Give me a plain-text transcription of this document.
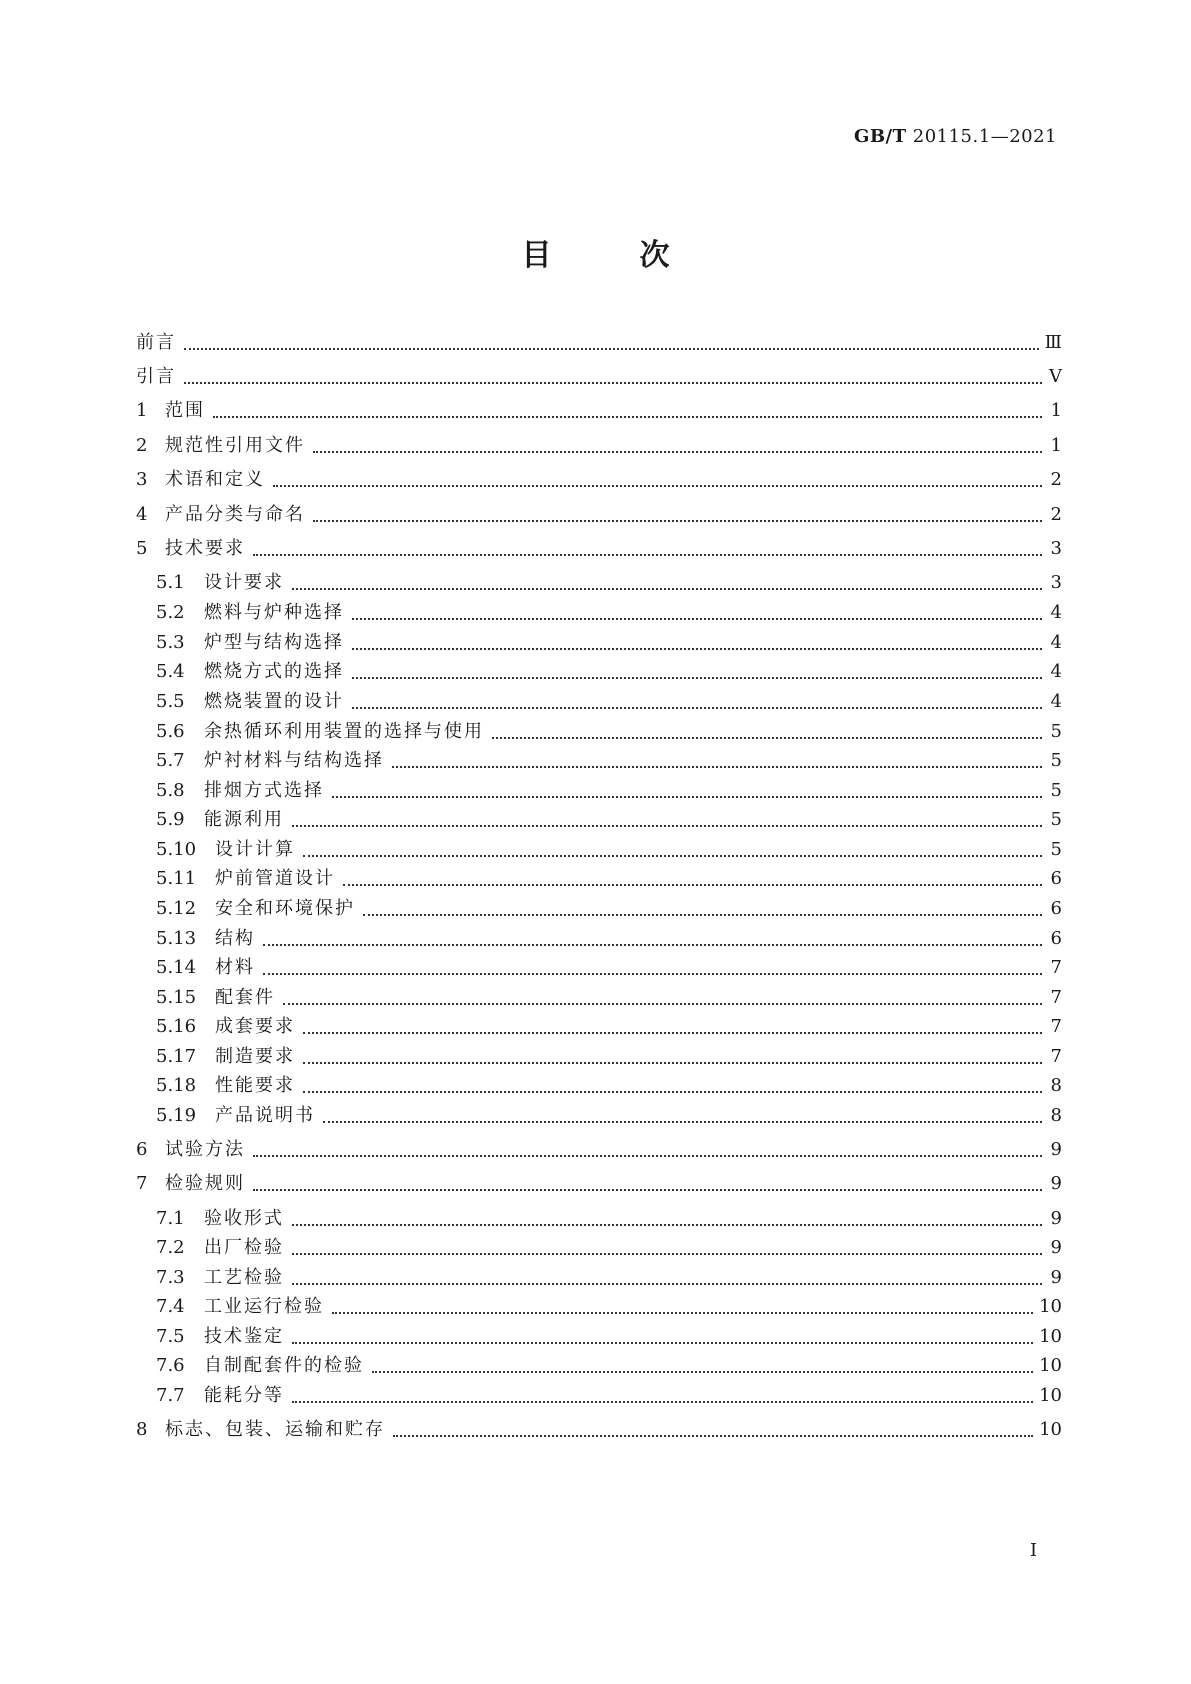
GB/T 20115.1—2021
目次
前言	Ⅲ
引言	Ⅴ
1 范围	1
2 规范性引用文件	1
3 术语和定义	2
4 产品分类与命名	2
5 技术要求	3
5.1	设计要求	3
5.2	燃料与炉种选择	4
5.3	炉型与结构选择	4
5.4	燃烧方式的选择	4
5.5	燃烧装置的设计	4
5.6	余热循环利用装置的选择与使用	5
5.7	炉衬材料与结构选择	5
5.8	排烟方式选择	5
5.9	能源利用	5
5.10	设计计算	5
5.11	炉前管道设计	6
5.12	安全和环境保护	6
5.13	结构	6
5.14	材料	7
5.15	配套件	7
5.16	成套要求	7
5.17	制造要求	7
5.18	性能要求	8
5.19	产品说明书	8
6 试验方法	9
7 检验规则	9
7.1	验收形式	9
7.2	出厂检验	9
7.3	工艺检验	9
7.4	工业运行检验	10
7.5	技术鉴定	10
7.6	自制配套件的检验	10
7.7	能耗分等	10
8 标志、包装、运输和贮存	10
I
